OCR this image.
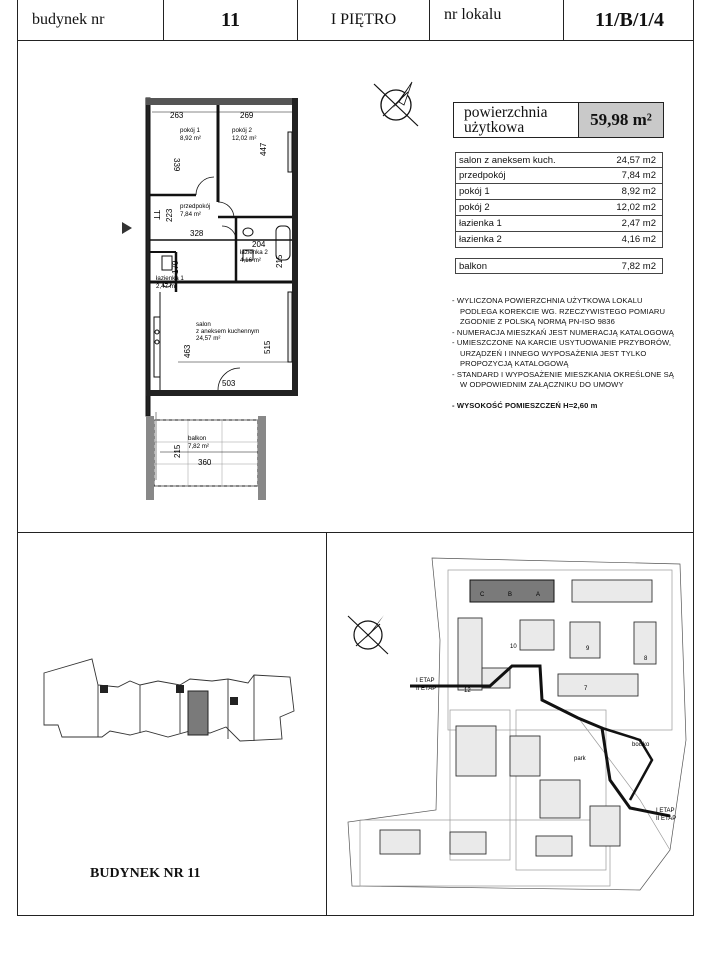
budynek nr	11	I PIĘTRO	nr lokalu	11/B/1/4
powierzchnia
użytkowa	59,98 m²
salon z aneksem kuch.	24,57 m2
przedpokój	7,84 m2
pokój 1	8,92 m2
pokój 2	12,02 m2
łazienka 1	2,47 m2
łazienka 2	4,16 m2
balkon	7,82 m2
- WYLICZONA POWIERZCHNIA UŻYTKOWA LOKALU PODLEGA KOREKCIE WG. RZECZYWISTEGO POMIARU ZGODNIE Z POLSKĄ NORMĄ PN-ISO 9836
- NUMERACJA MIESZKAŃ JEST NUMERACJĄ KATALOGOWĄ
- UMIESZCZONE NA KARCIE USYTUOWANIE PRZYBORÓW, URZĄDZEŃ I INNEGO WYPOSAŻENIA JEST TYLKO PROPOZYCJĄ KATALOGOWĄ
- STANDARD I WYPOSAŻENIE MIESZKANIA OKREŚLONE SĄ W ODPOWIEDNIM ZAŁĄCZNIKU DO UMOWY
- WYSOKOŚĆ POMIESZCZEŃ H=2,60 m
263	269
339
447
223
TT
328
204
215
170
463	515
503
215
360
pokój 1
8,92 m²
pokój 2
12,02 m²
przedpokój
7,84 m²
łazienka 2
4,16 m²
łazienka 1
2,47 m²
salon
z aneksem kuchennym
24,57 m²
balkon
7,82 m²
BUDYNEK NR 11
I ETAP
II ETAP
I ETAP
II ETAP
park
boisko
12
10	9
8
7
C	B	A
